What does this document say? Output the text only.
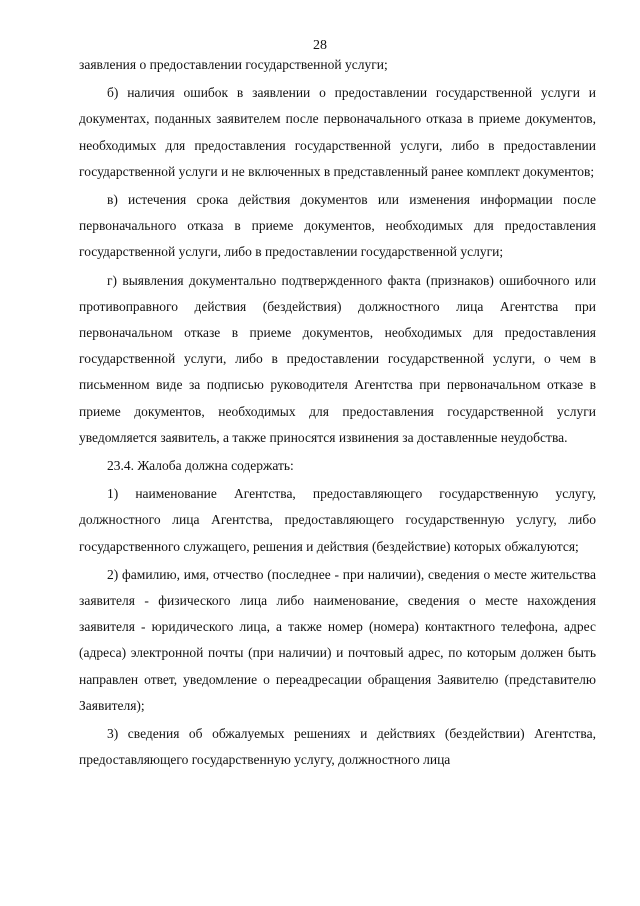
28

заявления о предоставлении государственной услуги;

б) наличия ошибок в заявлении о предоставлении государственной услуги и документах, поданных заявителем после первоначального отказа в приеме документов, необходимых для предоставления государственной услуги, либо в предоставлении государственной услуги и не включенных в представленный ранее комплект документов;

в) истечения срока действия документов или изменения информации после первоначального отказа в приеме документов, необходимых для предоставления государственной услуги, либо в предоставлении государственной услуги;

г) выявления документально подтвержденного факта (признаков) ошибочного или противоправного действия (бездействия) должностного лица Агентства при первоначальном отказе в приеме документов, необходимых для предоставления государственной услуги, либо в предоставлении государственной услуги, о чем в письменном виде за подписью руководителя Агентства при первоначальном отказе в приеме документов, необходимых для предоставления государственной услуги уведомляется заявитель, а также приносятся извинения за доставленные неудобства.

23.4. Жалоба должна содержать:

1) наименование Агентства, предоставляющего государственную услугу, должностного лица Агентства, предоставляющего государственную услугу, либо государственного служащего, решения и действия (бездействие) которых обжалуются;

2) фамилию, имя, отчество (последнее - при наличии), сведения о месте жительства заявителя - физического лица либо наименование, сведения о месте нахождения заявителя - юридического лица, а также номер (номера) контактного телефона, адрес (адреса) электронной почты (при наличии) и почтовый адрес, по которым должен быть направлен ответ, уведомление о переадресации обращения Заявителю (представителю Заявителя);

3) сведения об обжалуемых решениях и действиях (бездействии) Агентства, предоставляющего государственную услугу, должностного лица
